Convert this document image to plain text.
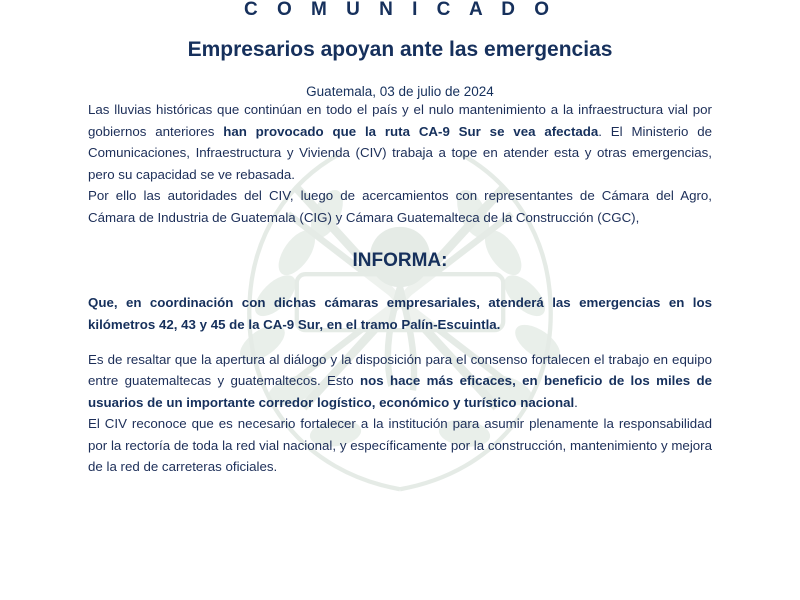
C O M U N I C A D O
Empresarios apoyan ante las emergencias
Guatemala, 03 de julio de 2024

Las lluvias históricas que continúan en todo el país y el nulo mantenimiento a la infraestructura vial por gobiernos anteriores han provocado que la ruta CA-9 Sur se vea afectada. El Ministerio de Comunicaciones, Infraestructura y Vivienda (CIV) trabaja a tope en atender esta y otras emergencias, pero su capacidad se ve rebasada.

Por ello las autoridades del CIV, luego de acercamientos con representantes de Cámara del Agro, Cámara de Industria de Guatemala (CIG) y Cámara Guatemalteca de la Construcción (CGC),

INFORMA:

Que, en coordinación con dichas cámaras empresariales, atenderá las emergencias en los kilómetros 42, 43 y 45 de la CA-9 Sur, en el tramo Palín-Escuintla.

Es de resaltar que la apertura al diálogo y la disposición para el consenso fortalecen el trabajo en equipo entre guatemaltecas y guatemaltecos. Esto nos hace más eficaces, en beneficio de los miles de usuarios de un importante corredor logístico, económico y turístico nacional.

El CIV reconoce que es necesario fortalecer a la institución para asumir plenamente la responsabilidad por la rectoría de toda la red vial nacional, y específicamente por la construcción, mantenimiento y mejora de la red de carreteras oficiales.
